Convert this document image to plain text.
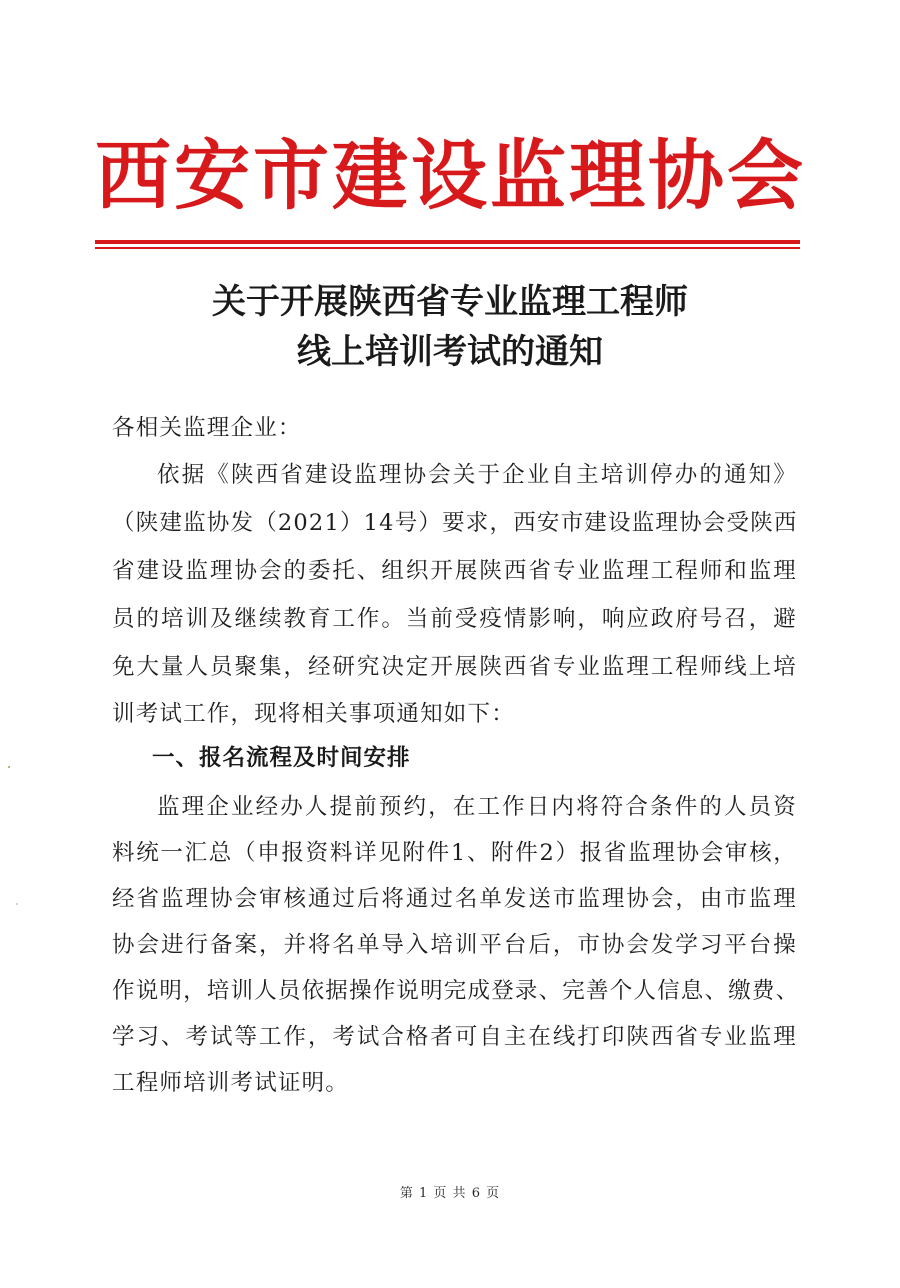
西安市建设监理协会
关于开展陕西省专业监理工程师
线上培训考试的通知
各相关监理企业：
依据《陕西省建设监理协会关于企业自主培训停办的通知》
（陕建监协发（2021）14号）要求，西安市建设监理协会受陕西
省建设监理协会的委托、组织开展陕西省专业监理工程师和监理
员的培训及继续教育工作。当前受疫情影响，响应政府号召，避
免大量人员聚集，经研究决定开展陕西省专业监理工程师线上培
训考试工作，现将相关事项通知如下：
一、报名流程及时间安排
监理企业经办人提前预约，在工作日内将符合条件的人员资
料统一汇总（申报资料详见附件1、附件2）报省监理协会审核，
经省监理协会审核通过后将通过名单发送市监理协会，由市监理
协会进行备案，并将名单导入培训平台后，市协会发学习平台操
作说明，培训人员依据操作说明完成登录、完善个人信息、缴费、
学习、考试等工作，考试合格者可自主在线打印陕西省专业监理
工程师培训考试证明。
第 1 页 共 6 页
